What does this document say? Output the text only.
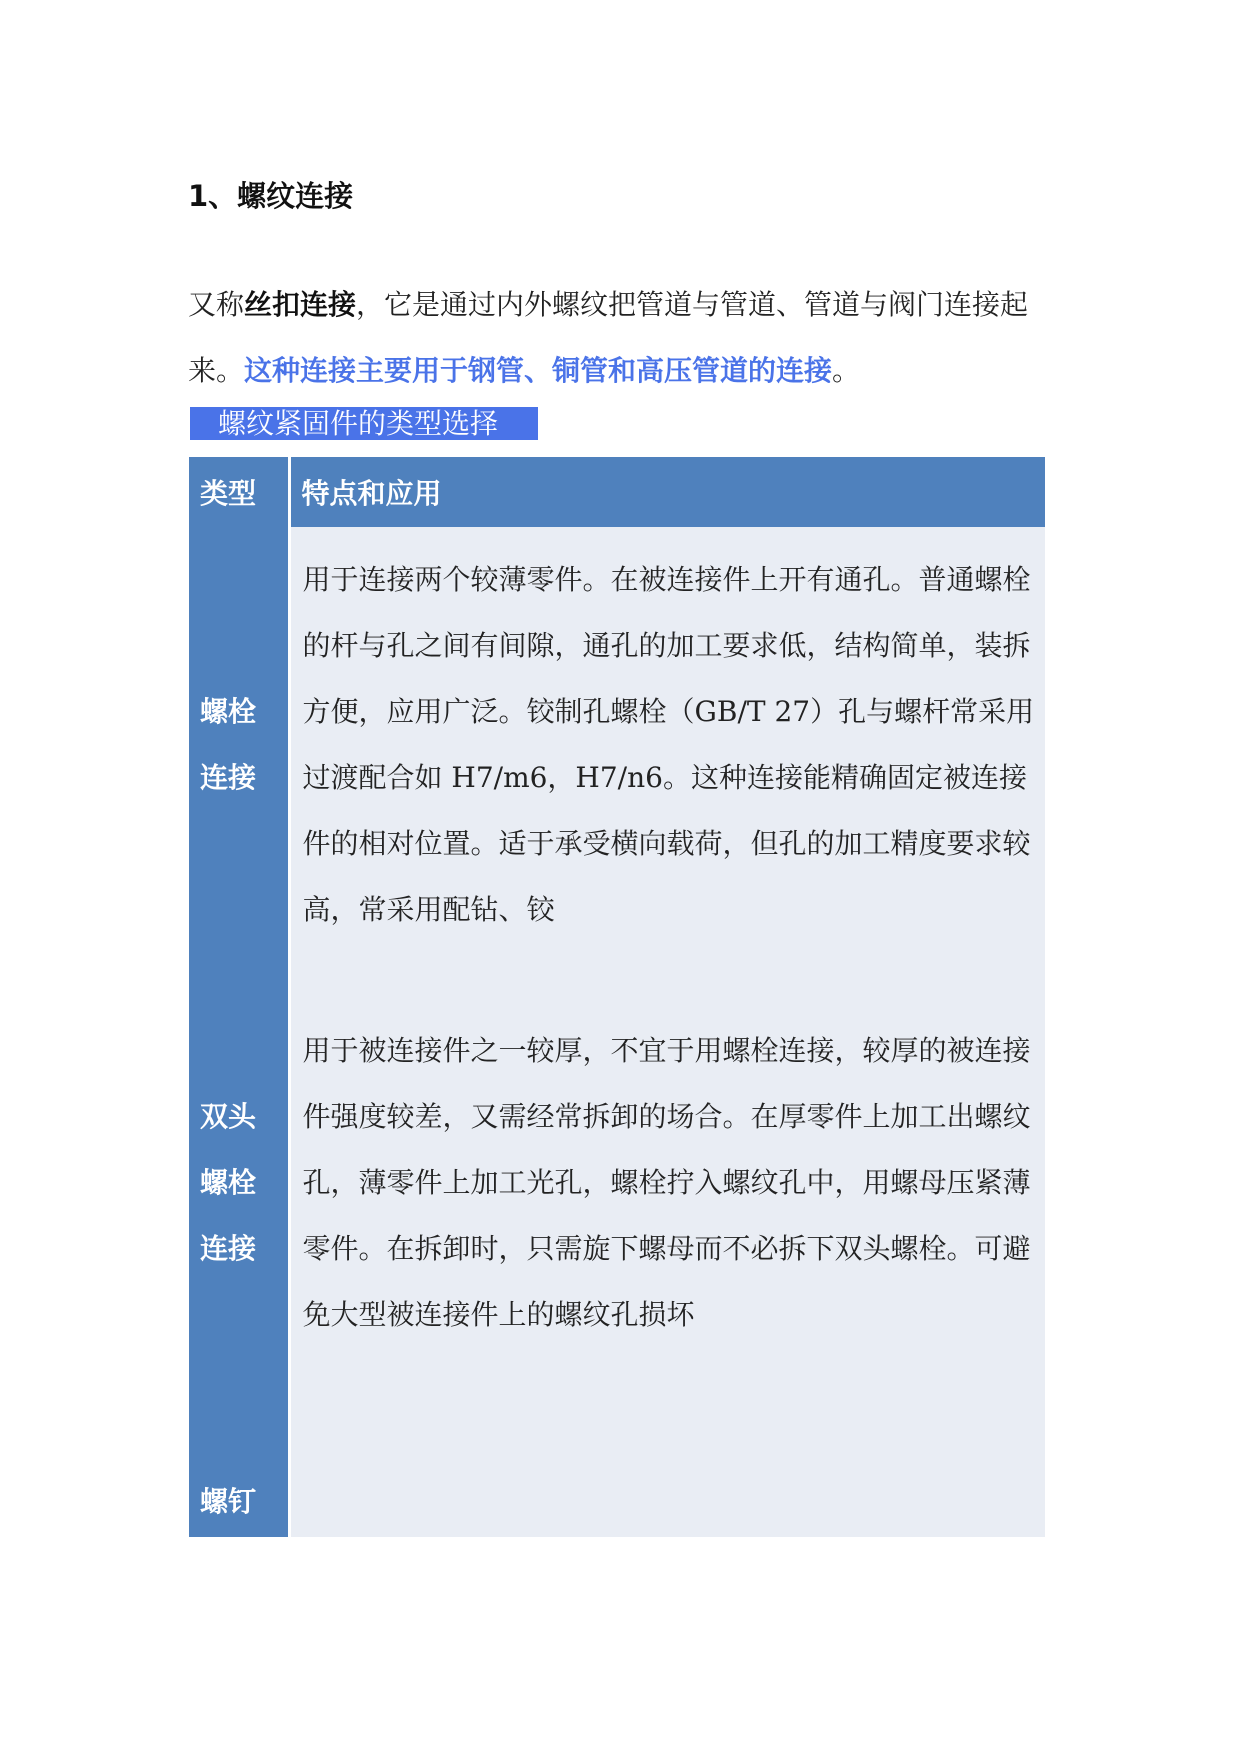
1、螺纹连接
又称丝扣连接，它是通过内外螺纹把管道与管道、管道与阀门连接起来。这种连接主要用于钢管、铜管和高压管道的连接。
螺纹紧固件的类型选择
类型	特点和应用

螺栓
连接	用于连接两个较薄零件。在被连接件上开有通孔。普通螺栓的杆与孔之间有间隙，通孔的加工要求低，结构简单，装拆方便，应用广泛。铰制孔螺栓（GB/T 27）孔与螺杆常采用过渡配合如 H7/m6，H7/n6。这种连接能精确固定被连接件的相对位置。适于承受横向载荷，但孔的加工精度要求较高，常采用配钻、铰

双头
螺栓
连接	用于被连接件之一较厚，不宜于用螺栓连接，较厚的被连接件强度较差，又需经常拆卸的场合。在厚零件上加工出螺纹孔，薄零件上加工光孔，螺栓拧入螺纹孔中，用螺母压紧薄零件。在拆卸时，只需旋下螺母而不必拆下双头螺栓。可避免大型被连接件上的螺纹孔损坏

螺钉	
